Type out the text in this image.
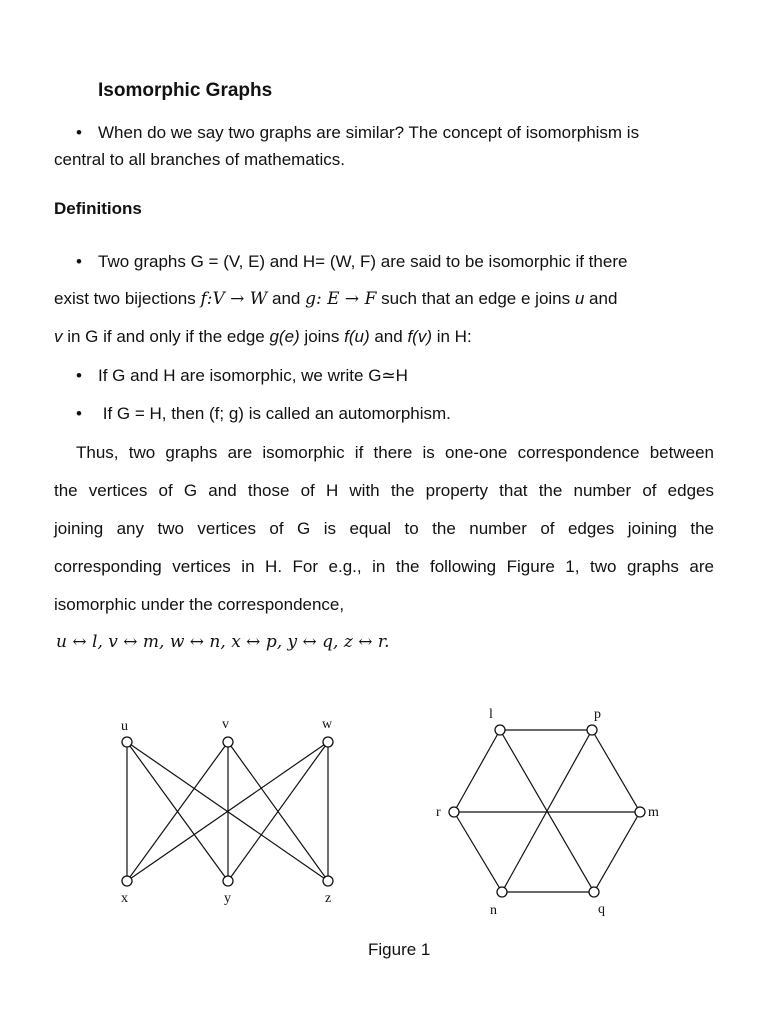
Isomorphic Graphs
• When do we say two graphs are similar? The concept of isomorphism is
central to all branches of mathematics.
Definitions
• Two graphs G = (V, E) and H= (W, F) are said to be isomorphic if there
exist two bijections f:V → W and g: E → F such that an edge e joins u and
v in G if and only if the edge g(e) joins f(u) and f(v) in H:
• If G and H are isomorphic, we write G≃H
• If G = H, then (f; g) is called an automorphism.
Thus, two graphs are isomorphic if there is one-one correspondence between
the vertices of G and those of H with the property that the number of edges
joining any two vertices of G is equal to the number of edges joining the
corresponding vertices in H. For e.g., in the following Figure 1, two graphs are
isomorphic under the correspondence,
u ↔ l, v ↔ m, w ↔ n, x ↔ p, y ↔ q, z ↔ r.
u	v	w
x	y	z
l	p
m
q
n
r
Figure 1
